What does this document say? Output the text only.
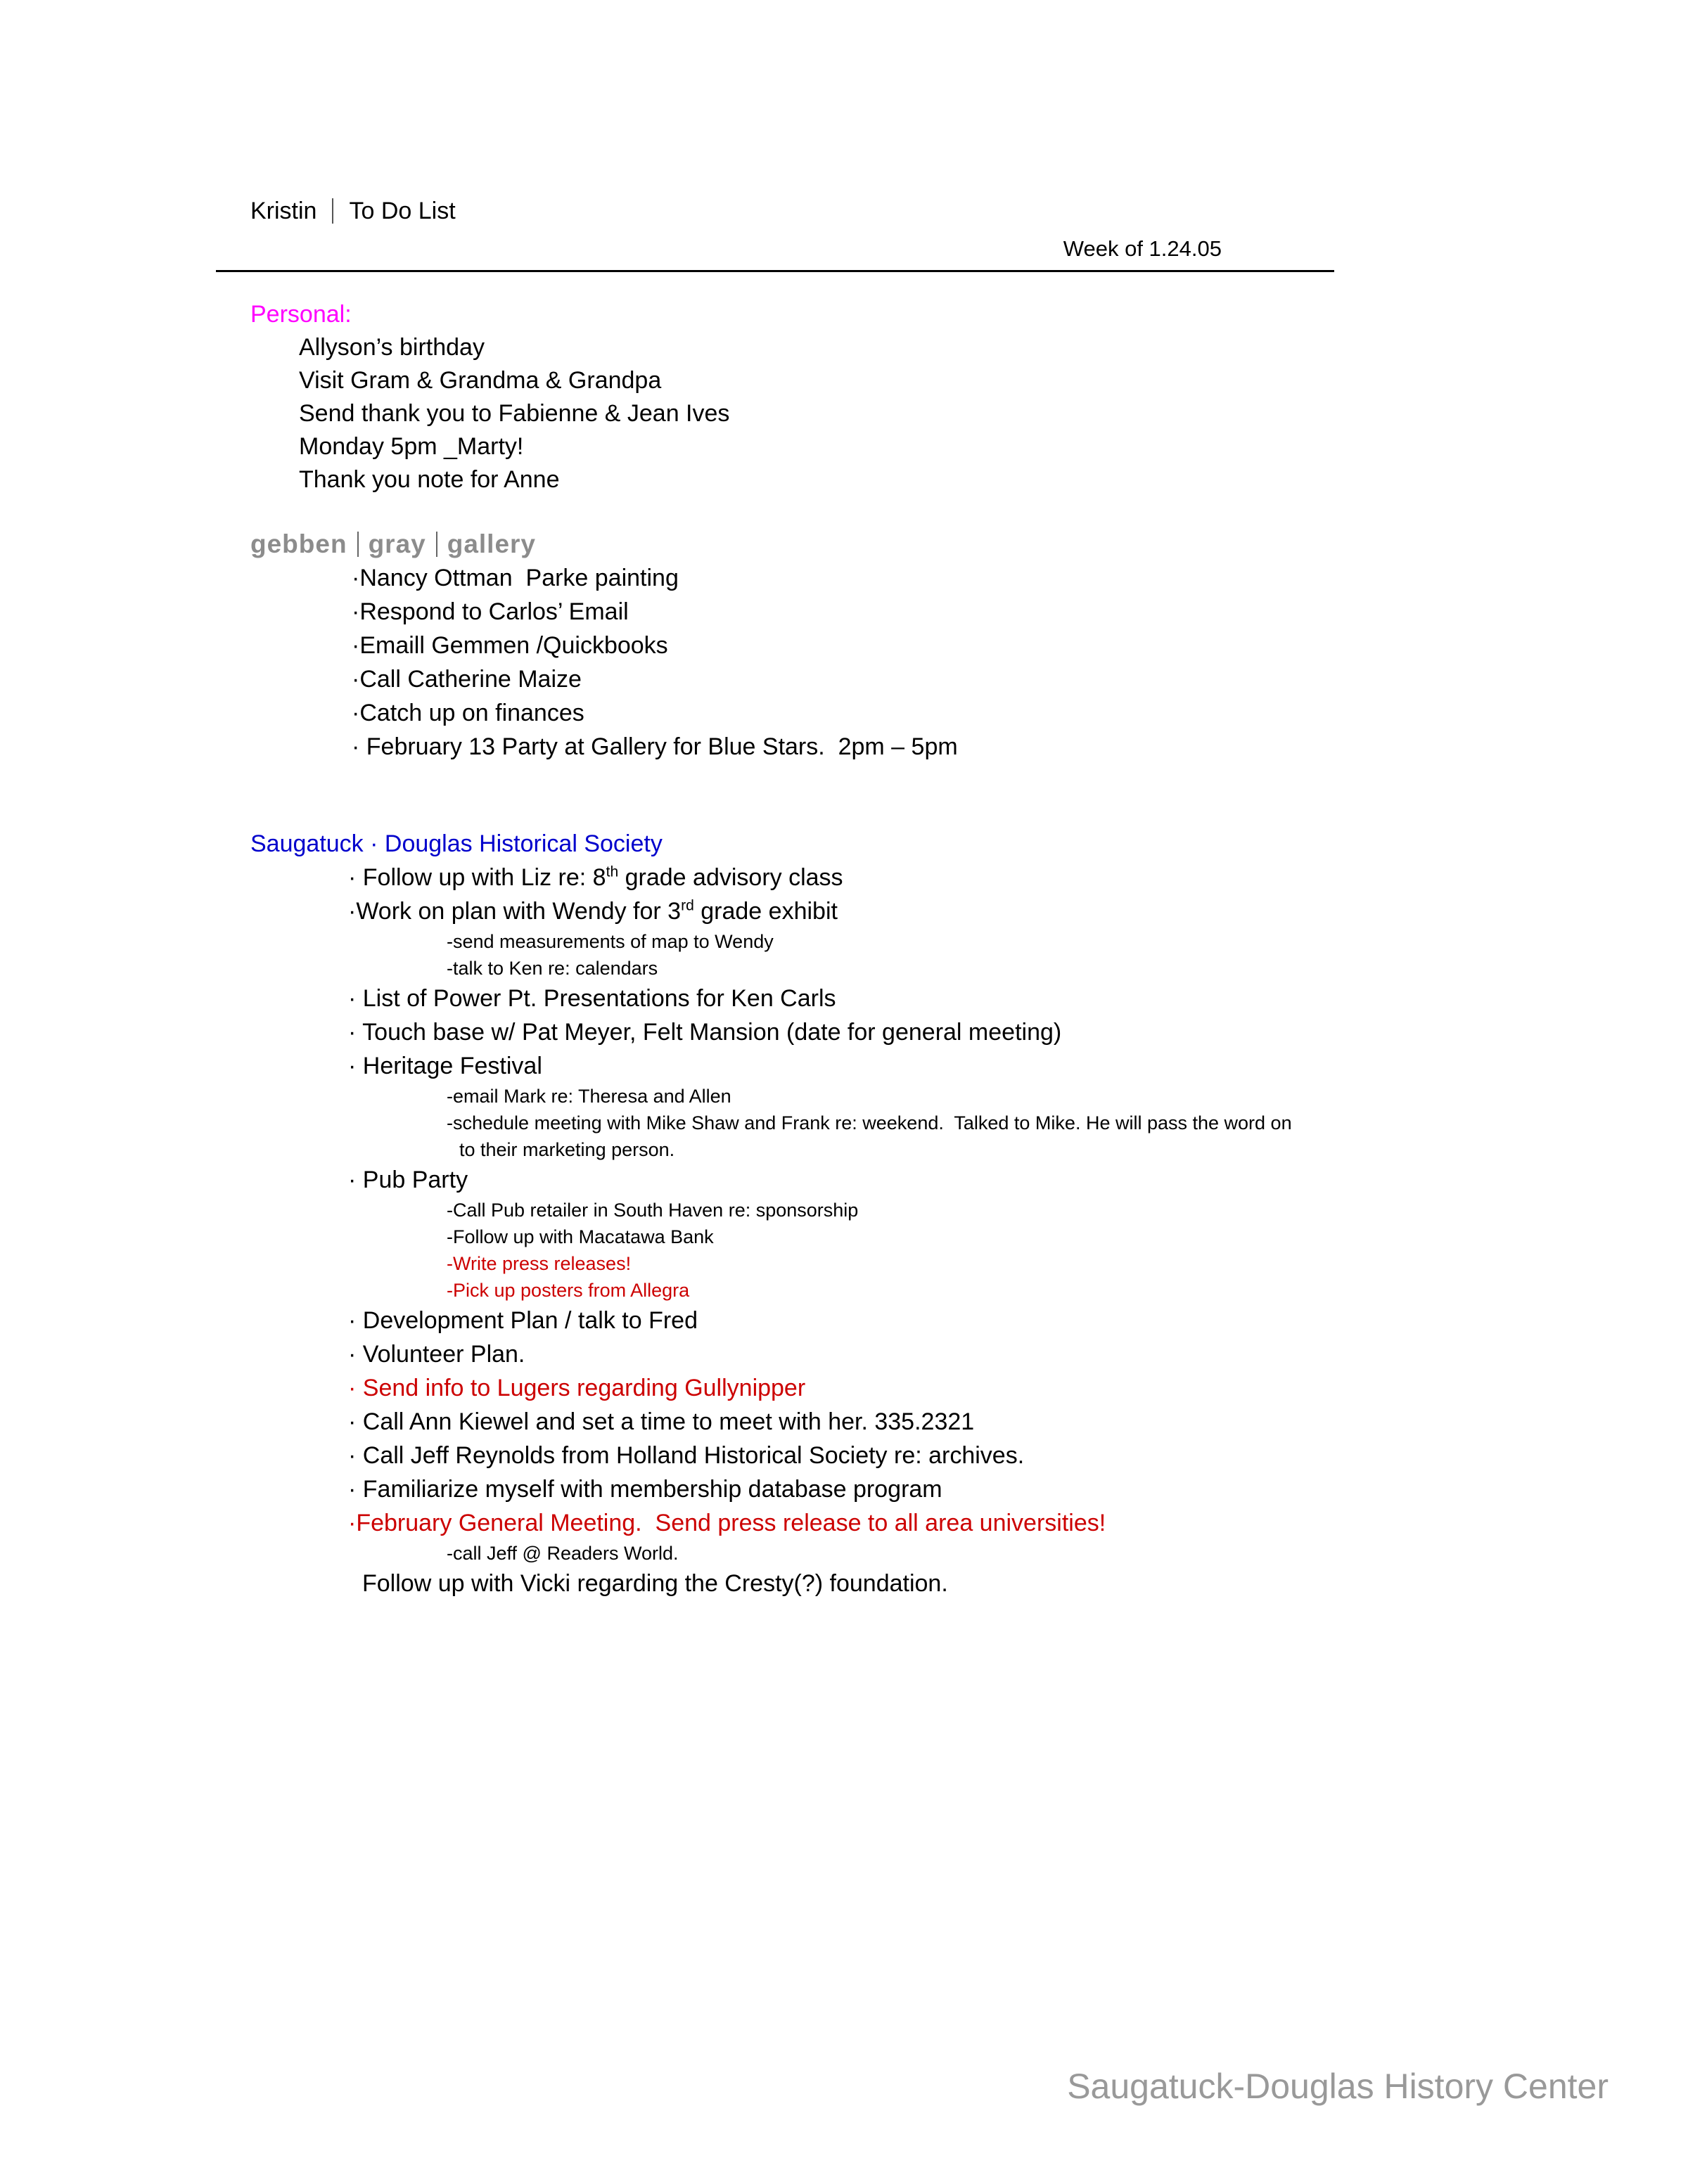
Kristin To Do List
Week of 1.24.05
Personal:
Allyson’s birthday
Visit Gram & Grandma & Grandpa
Send thank you to Fabienne & Jean Ives
Monday 5pm _Marty!
Thank you note for Anne
gebben gray gallery
·Nancy Ottman  Parke painting
·Respond to Carlos’ Email
·Emaill Gemmen /Quickbooks
·Call Catherine Maize
·Catch up on finances
· February 13 Party at Gallery for Blue Stars.  2pm – 5pm
Saugatuck · Douglas Historical Society
· Follow up with Liz re: 8th grade advisory class
·Work on plan with Wendy for 3rd grade exhibit
-send measurements of map to Wendy
-talk to Ken re: calendars
· List of Power Pt. Presentations for Ken Carls
· Touch base w/ Pat Meyer, Felt Mansion (date for general meeting)
· Heritage Festival
-email Mark re: Theresa and Allen
-schedule meeting with Mike Shaw and Frank re: weekend.  Talked to Mike. He will pass the word on
to their marketing person.
· Pub Party
-Call Pub retailer in South Haven re: sponsorship
-Follow up with Macatawa Bank
-Write press releases!
-Pick up posters from Allegra
· Development Plan / talk to Fred
· Volunteer Plan.
· Send info to Lugers regarding Gullynipper
· Call Ann Kiewel and set a time to meet with her. 335.2321
· Call Jeff Reynolds from Holland Historical Society re: archives.
· Familiarize myself with membership database program
·February General Meeting.  Send press release to all area universities!
-call Jeff @ Readers World.
Follow up with Vicki regarding the Cresty(?) foundation.
Saugatuck-Douglas History Center
